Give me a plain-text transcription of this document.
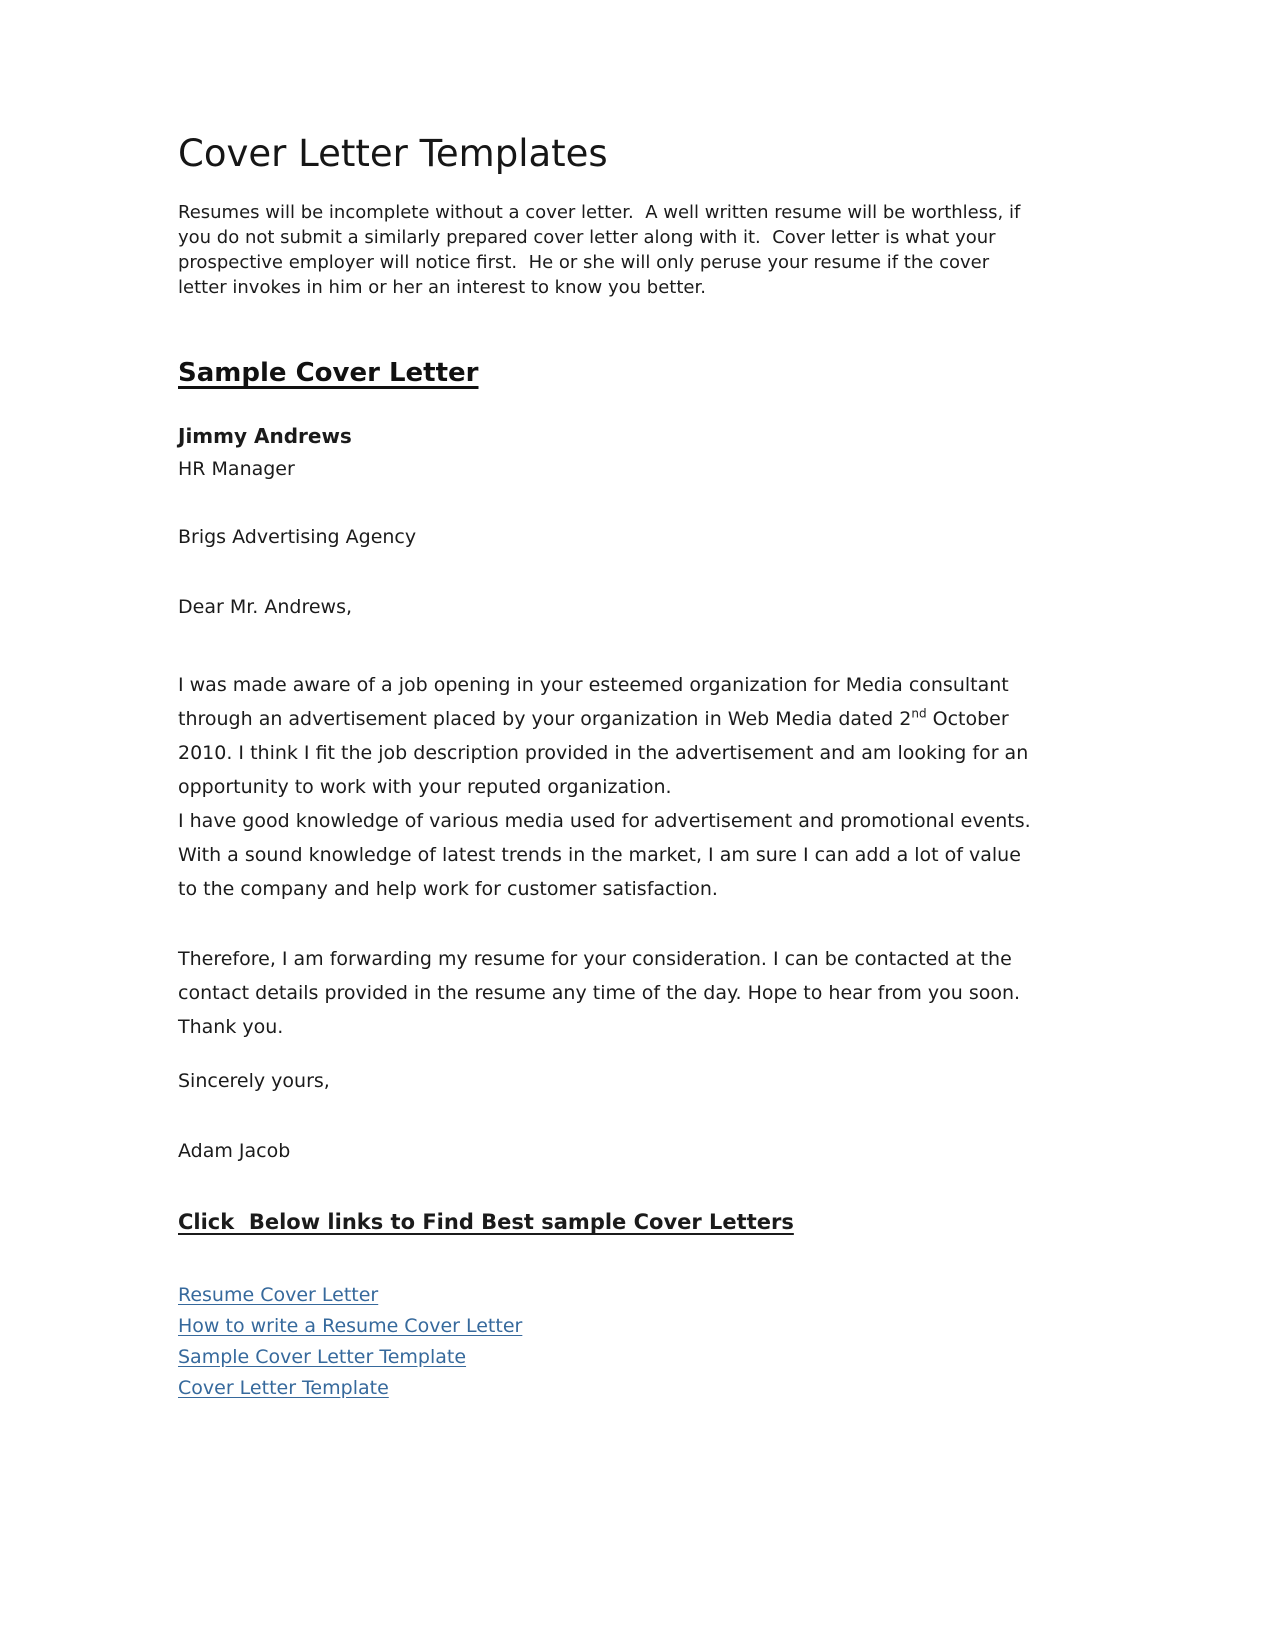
Cover Letter Templates

Resumes will be incomplete without a cover letter.  A well written resume will be worthless, if you do not submit a similarly prepared cover letter along with it.  Cover letter is what your prospective employer will notice first.  He or she will only peruse your resume if the cover letter invokes in him or her an interest to know you better.

Sample Cover Letter

Jimmy Andrews

HR Manager

Brigs Advertising Agency

Dear Mr. Andrews,

I was made aware of a job opening in your esteemed organization for Media consultant through an advertisement placed by your organization in Web Media dated 2nd October 2010. I think I fit the job description provided in the advertisement and am looking for an opportunity to work with your reputed organization.

I have good knowledge of various media used for advertisement and promotional events. With a sound knowledge of latest trends in the market, I am sure I can add a lot of value to the company and help work for customer satisfaction.

Therefore, I am forwarding my resume for your consideration. I can be contacted at the contact details provided in the resume any time of the day. Hope to hear from you soon. Thank you.

Sincerely yours,

Adam Jacob

Click  Below links to Find Best sample Cover Letters
Resume Cover Letter
How to write a Resume Cover Letter
Sample Cover Letter Template
Cover Letter Template
